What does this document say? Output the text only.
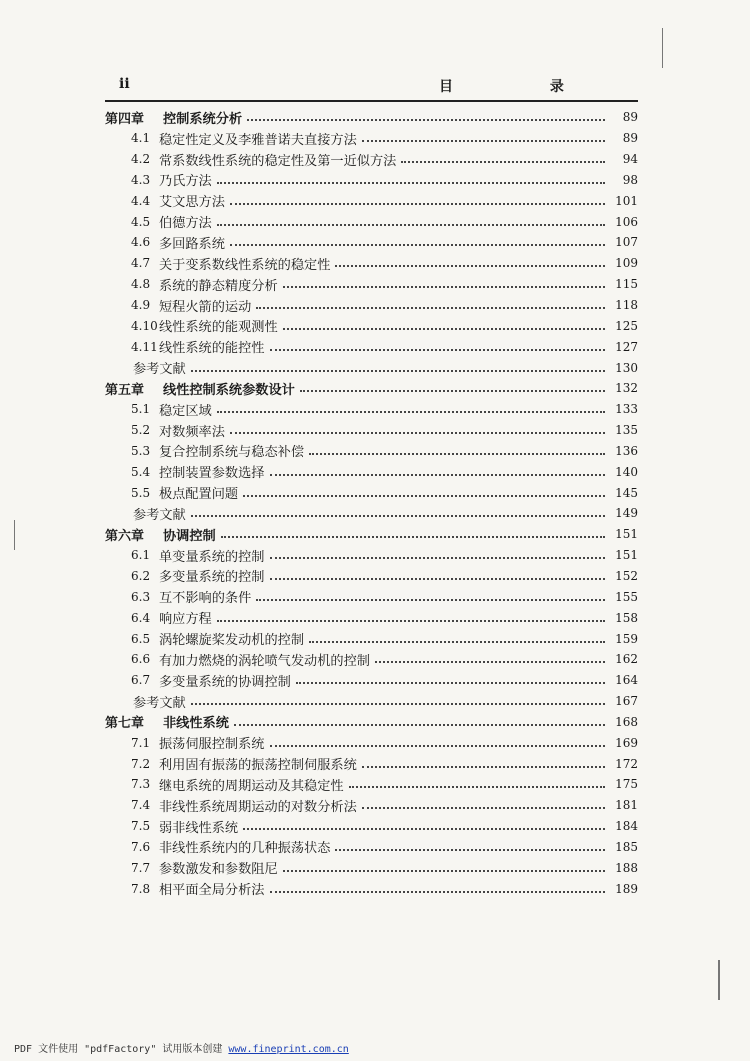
ii	目 录
第四章	控制系统分析	89
4.1 稳定性定义及李雅普诺夫直接方法	89
4.2 常系数线性系统的稳定性及第一近似方法	94
4.3 乃氏方法	98
4.4 艾文思方法	101
4.5 伯德方法	106
4.6 多回路系统	107
4.7 关于变系数线性系统的稳定性	109
4.8 系统的静态精度分析	115
4.9 短程火箭的运动	118
4.10 线性系统的能观测性	125
4.11 线性系统的能控性	127
参考文献	130
第五章	线性控制系统参数设计	132
5.1 稳定区域	133
5.2 对数频率法	135
5.3 复合控制系统与稳态补偿	136
5.4 控制装置参数选择	140
5.5 极点配置问题	145
参考文献	149
第六章	协调控制	151
6.1 单变量系统的控制	151
6.2 多变量系统的控制	152
6.3 互不影响的条件	155
6.4 响应方程	158
6.5 涡轮螺旋桨发动机的控制	159
6.6 有加力燃烧的涡轮喷气发动机的控制	162
6.7 多变量系统的协调控制	164
参考文献	167
第七章	非线性系统	168
7.1 振荡伺服控制系统	169
7.2 利用固有振荡的振荡控制伺服系统	172
7.3 继电系统的周期运动及其稳定性	175
7.4 非线性系统周期运动的对数分析法	181
7.5 弱非线性系统	184
7.6 非线性系统内的几种振荡状态	185
7.7 参数激发和参数阻尼	188
7.8 相平面全局分析法	189
PDF 文件使用 "pdfFactory" 试用版本创建 www.fineprint.com.cn
